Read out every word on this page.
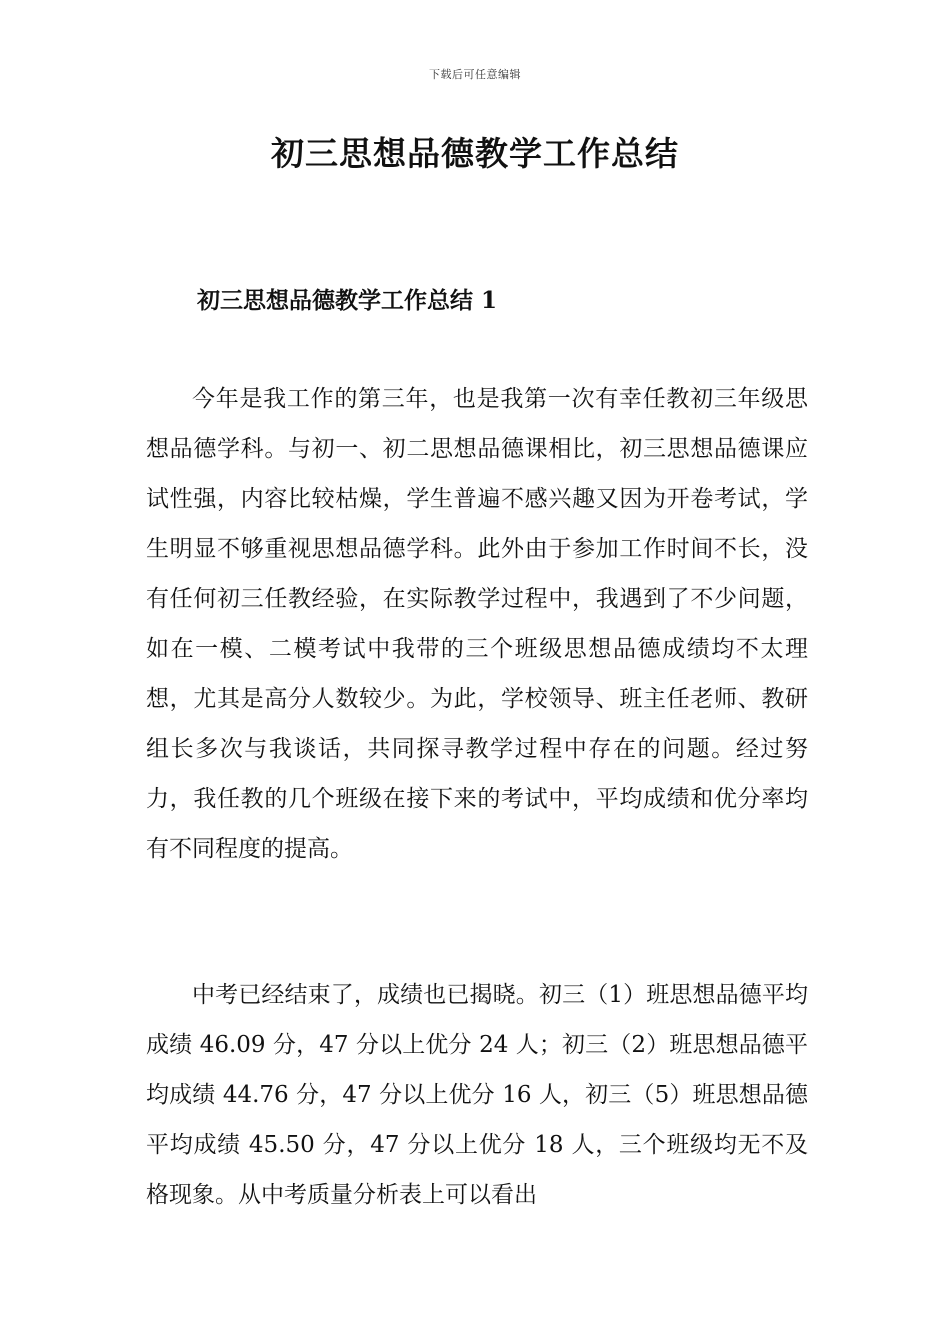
下载后可任意编辑
初三思想品德教学工作总结
初三思想品德教学工作总结 1

今年是我工作的第三年，也是我第一次有幸任教初三年级思想品德学科。与初一、初二思想品德课相比，初三思想品德课应试性强，内容比较枯燥，学生普遍不感兴趣又因为开卷考试，学生明显不够重视思想品德学科。此外由于参加工作时间不长，没有任何初三任教经验，在实际教学过程中，我遇到了不少问题，如在一模、二模考试中我带的三个班级思想品德成绩均不太理想，尤其是高分人数较少。为此，学校领导、班主任老师、教研组长多次与我谈话，共同探寻教学过程中存在的问题。经过努力，我任教的几个班级在接下来的考试中，平均成绩和优分率均有不同程度的提高。

中考已经结束了，成绩也已揭晓。初三（1）班思想品德平均成绩 46.09 分，47 分以上优分 24 人；初三（2）班思想品德平均成绩 44.76 分，47 分以上优分 16 人，初三（5）班思想品德平均成绩 45.50 分，47 分以上优分 18 人，三个班级均无不及格现象。从中考质量分析表上可以看出
